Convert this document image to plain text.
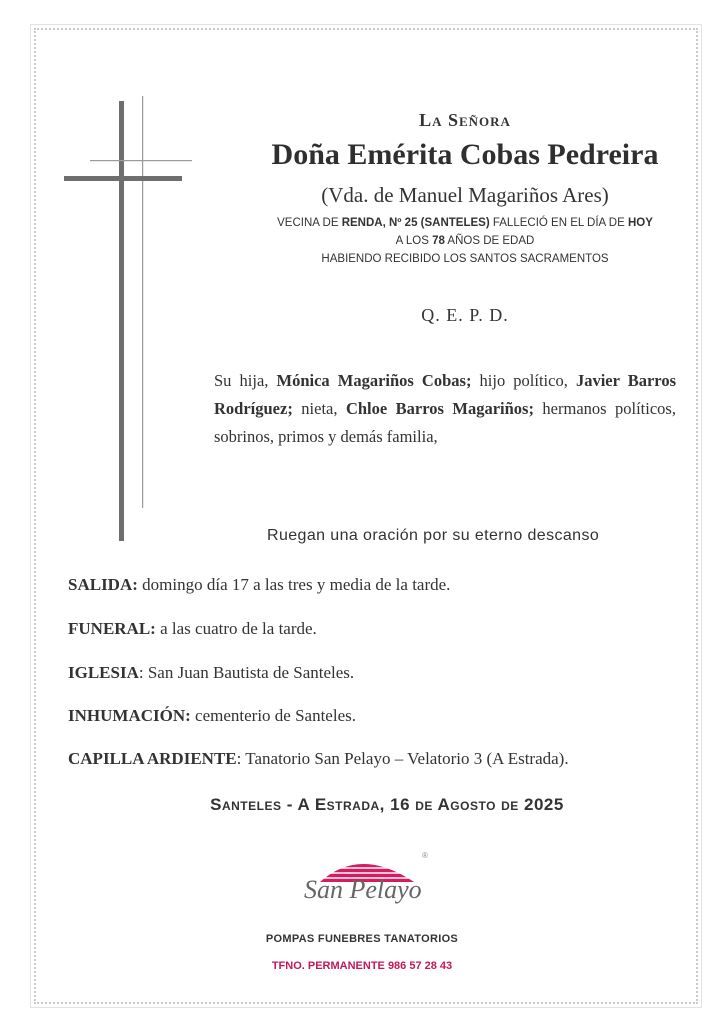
La Señora
Doña Emérita Cobas Pedreira
(Vda. de Manuel Magariños Ares)
VECINA DE RENDA, Nº 25 (SANTELES) FALLECIÓ EN EL DÍA DE HOY
A LOS 78 AÑOS DE EDAD
HABIENDO RECIBIDO LOS SANTOS SACRAMENTOS
Q. E. P. D.
Su hija, Mónica Magariños Cobas; hijo político, Javier Barros Rodríguez; nieta, Chloe Barros Magariños; hermanos políticos, sobrinos, primos y demás familia,
Ruegan una oración por su eterno descanso
SALIDA: domingo día 17 a las tres y media de la tarde.
FUNERAL: a las cuatro de la tarde.
IGLESIA: San Juan Bautista de Santeles.
INHUMACIÓN: cementerio de Santeles.
CAPILLA ARDIENTE: Tanatorio San Pelayo – Velatorio 3 (A Estrada).
Santeles - A Estrada, 16 de Agosto de 2025
San Pelayo
®
POMPAS FUNEBRES TANATORIOS
TFNO. PERMANENTE 986 57 28 43
